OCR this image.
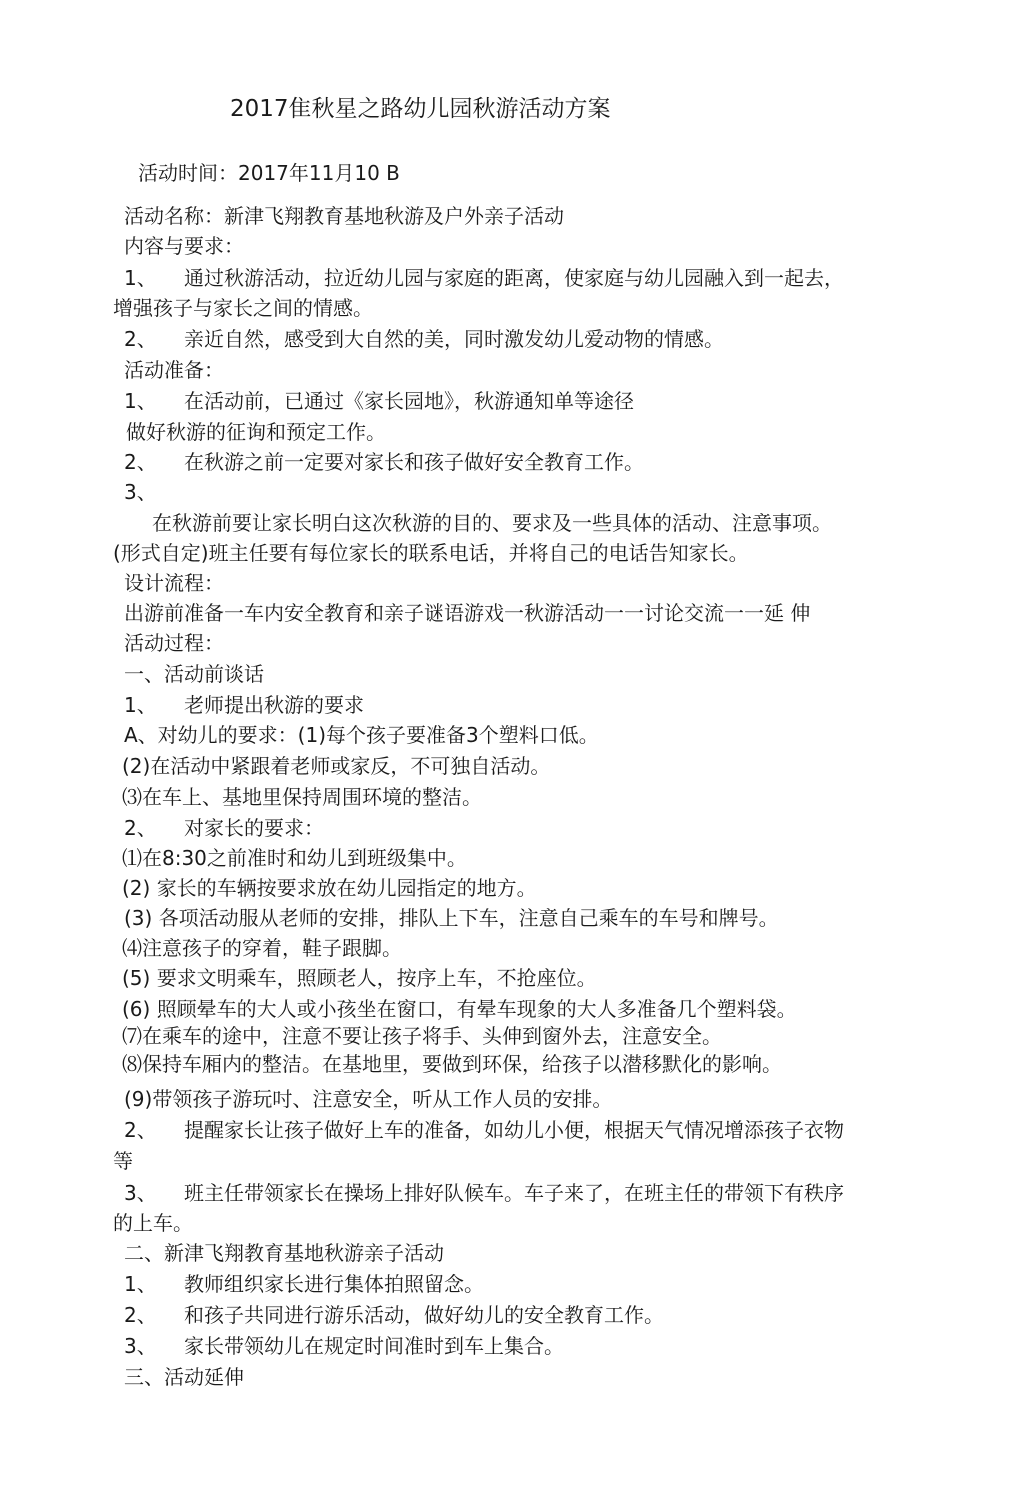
2017隹秋星之路幼儿园秋游活动方案
活动时间：2017年11月10 B
活动名称：新津飞翔教育基地秋游及户外亲子活动
内容与要求：
1、 通过秋游活动，拉近幼儿园与家庭的距离，使家庭与幼儿园融入到一起去，
增强孩子与家长之间的情感。
2、 亲近自然，感受到大自然的美，同时激发幼儿爱动物的情感。
活动准备：
1、 在活动前，已通过《家长园地》，秋游通知单等途径
做好秋游的征询和预定工作。
2、 在秋游之前一定要对家长和孩子做好安全教育工作。
3、
在秋游前要让家长明白这次秋游的目的、要求及一些具体的活动、注意事项。
(形式自定)班主任要有每位家长的联系电话，并将自己的电话告知家长。
设计流程：
出游前准备一车内安全教育和亲子谜语游戏一秋游活动一一讨论交流一一延 伸
活动过程：
一、活动前谈话
1、 老师提出秋游的要求
A、对幼儿的要求：(1)每个孩子要准备3个塑料口低。
(2)在活动中紧跟着老师或家反，不可独自活动。
⑶在车上、基地里保持周围环境的整洁。
2、 对家长的要求：
⑴在8:30之前准时和幼儿到班级集中。
(2) 家长的车辆按要求放在幼儿园指定的地方。
(3) 各项活动服从老师的安排，排队上下车，注意自己乘车的车号和牌号。
⑷注意孩子的穿着，鞋子跟脚。
(5) 要求文明乘车，照顾老人，按序上车，不抢座位。
(6) 照顾晕车的大人或小孩坐在窗口，有晕车现象的大人多准备几个塑料袋。
⑺在乘车的途中，注意不要让孩子将手、头伸到窗外去，注意安全。
⑻保持车厢内的整洁。在基地里，要做到环保，给孩子以潜移默化的影响。
(9)带领孩子游玩吋、注意安全，听从工作人员的安排。
2、 提醒家长让孩子做好上车的准备，如幼儿小便，根据天气情况增添孩子衣物
等
3、 班主任带领家长在操场上排好队候车。车子来了，在班主任的带领下有秩序
的上车。
二、新津飞翔教育基地秋游亲子活动
1、 教师组织家长进行集体拍照留念。
2、 和孩子共同进行游乐活动，做好幼儿的安全教育工作。
3、 家长带领幼儿在规定时间准时到车上集合。
三、活动延伸
